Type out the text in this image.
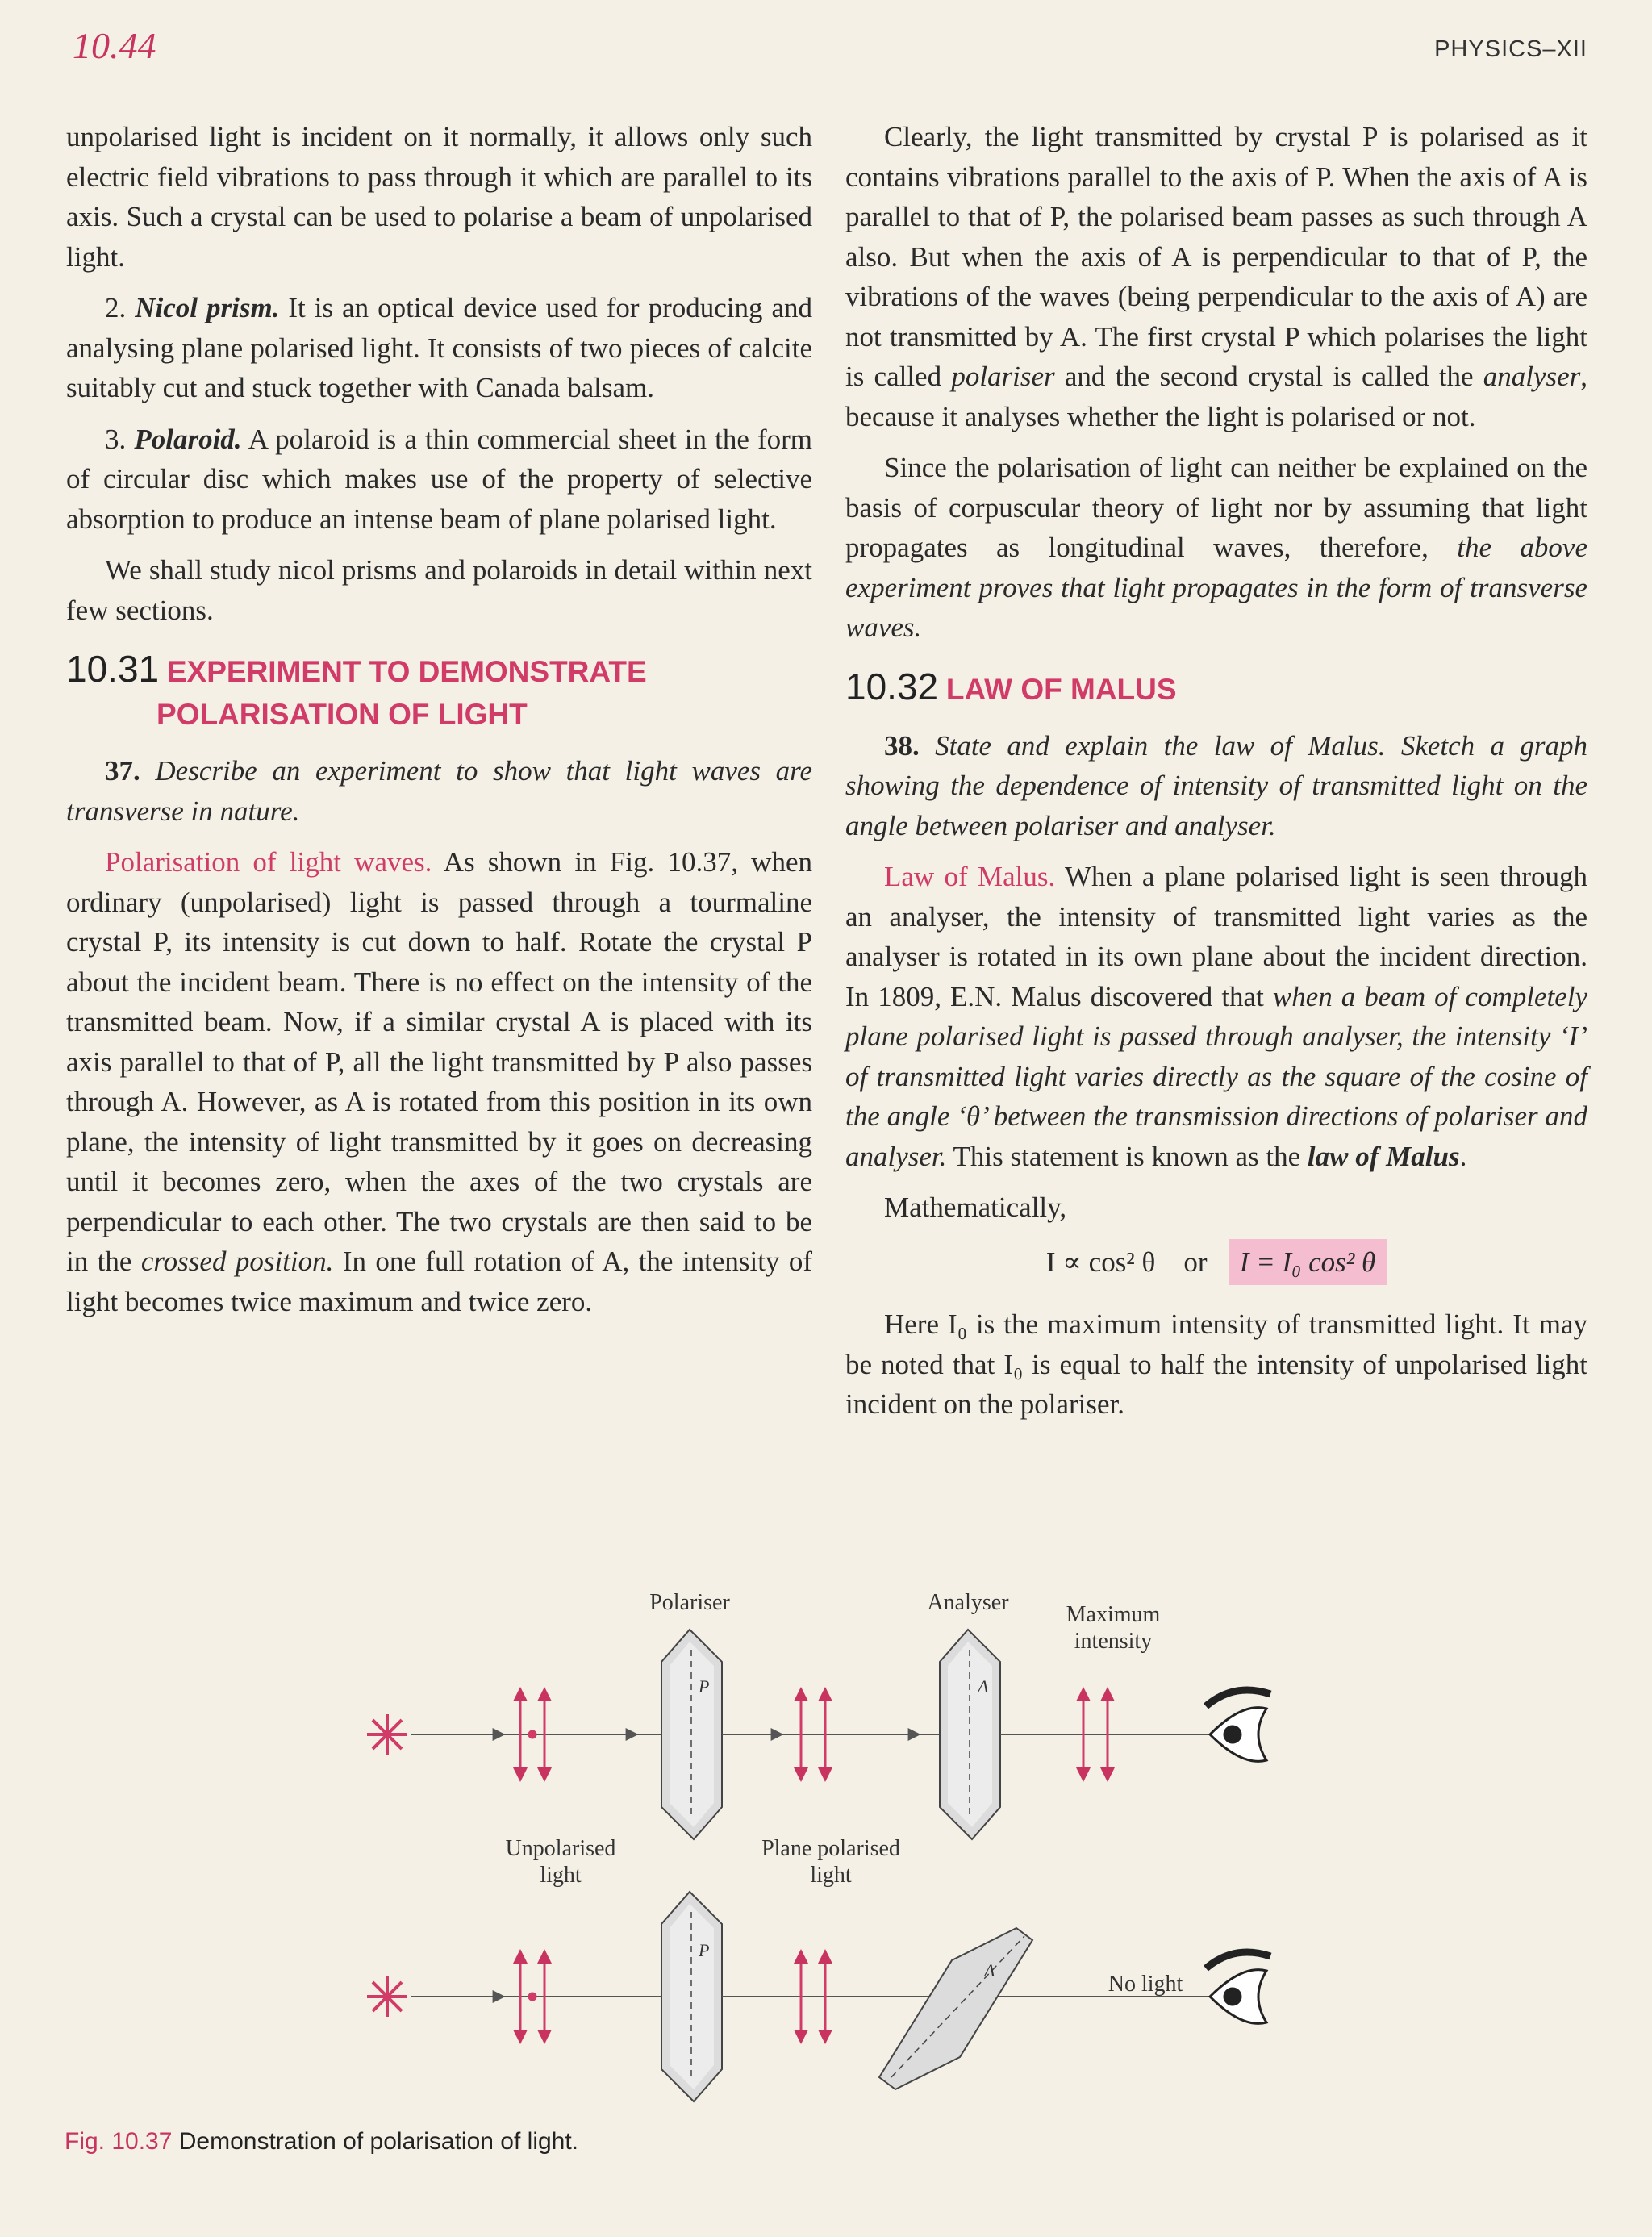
10.44	PHYSICS–XII

unpolarised light is incident on it normally, it allows only such electric field vibrations to pass through it which are parallel to its axis. Such a crystal can be used to polarise a beam of unpolarised light.

2. Nicol prism. It is an optical device used for producing and analysing plane polarised light. It consists of two pieces of calcite suitably cut and stuck together with Canada balsam.

3. Polaroid. A polaroid is a thin commercial sheet in the form of circular disc which makes use of the property of selective absorption to produce an intense beam of plane polarised light.

We shall study nicol prisms and polaroids in detail within next few sections.

10.31 EXPERIMENT TO DEMONSTRATE
POLARISATION OF LIGHT

37. Describe an experiment to show that light waves are transverse in nature.

Polarisation of light waves. As shown in Fig. 10.37, when ordinary (unpolarised) light is passed through a tourmaline crystal P, its intensity is cut down to half. Rotate the crystal P about the incident beam. There is no effect on the intensity of the transmitted beam. Now, if a similar crystal A is placed with its axis parallel to that of P, all the light transmitted by P also passes through A. However, as A is rotated from this position in its own plane, the intensity of light transmitted by it goes on decreasing until it becomes zero, when the axes of the two crystals are perpendicular to each other. The two crystals are then said to be in the crossed position. In one full rotation of A, the intensity of light becomes twice maximum and twice zero.

Clearly, the light transmitted by crystal P is polarised as it contains vibrations parallel to the axis of P. When the axis of A is parallel to that of P, the polarised beam passes as such through A also. But when the axis of A is perpendicular to that of P, the vibrations of the waves (being perpendicular to the axis of A) are not transmitted by A. The first crystal P which polarises the light is called polariser and the second crystal is called the analyser, because it analyses whether the light is polarised or not.

Since the polarisation of light can neither be explained on the basis of corpuscular theory of light nor by assuming that light propagates as longitudinal waves, therefore, the above experiment proves that light propagates in the form of transverse waves.

10.32 LAW OF MALUS

38. State and explain the law of Malus. Sketch a graph showing the dependence of intensity of transmitted light on the angle between polariser and analyser.

Law of Malus. When a plane polarised light is seen through an analyser, the intensity of transmitted light varies as the analyser is rotated in its own plane about the incident direction. In 1809, E.N. Malus discovered that when a beam of completely plane polarised light is passed through analyser, the intensity ‘I’ of transmitted light varies directly as the square of the cosine of the angle ‘θ’ between the transmission directions of polariser and analyser. This statement is known as the law of Malus.

Mathematically,

I ∝ cos² θ or I = I₀ cos² θ

Here I₀ is the maximum intensity of transmitted light. It may be noted that I₀ is equal to half the intensity of unpolarised light incident on the polariser.

P	A
Polariser	Analyser	Maximum
intensity
Unpolarised
light
Plane polarised
light
P
A
No light
Fig. 10.37 Demonstration of polarisation of light.
